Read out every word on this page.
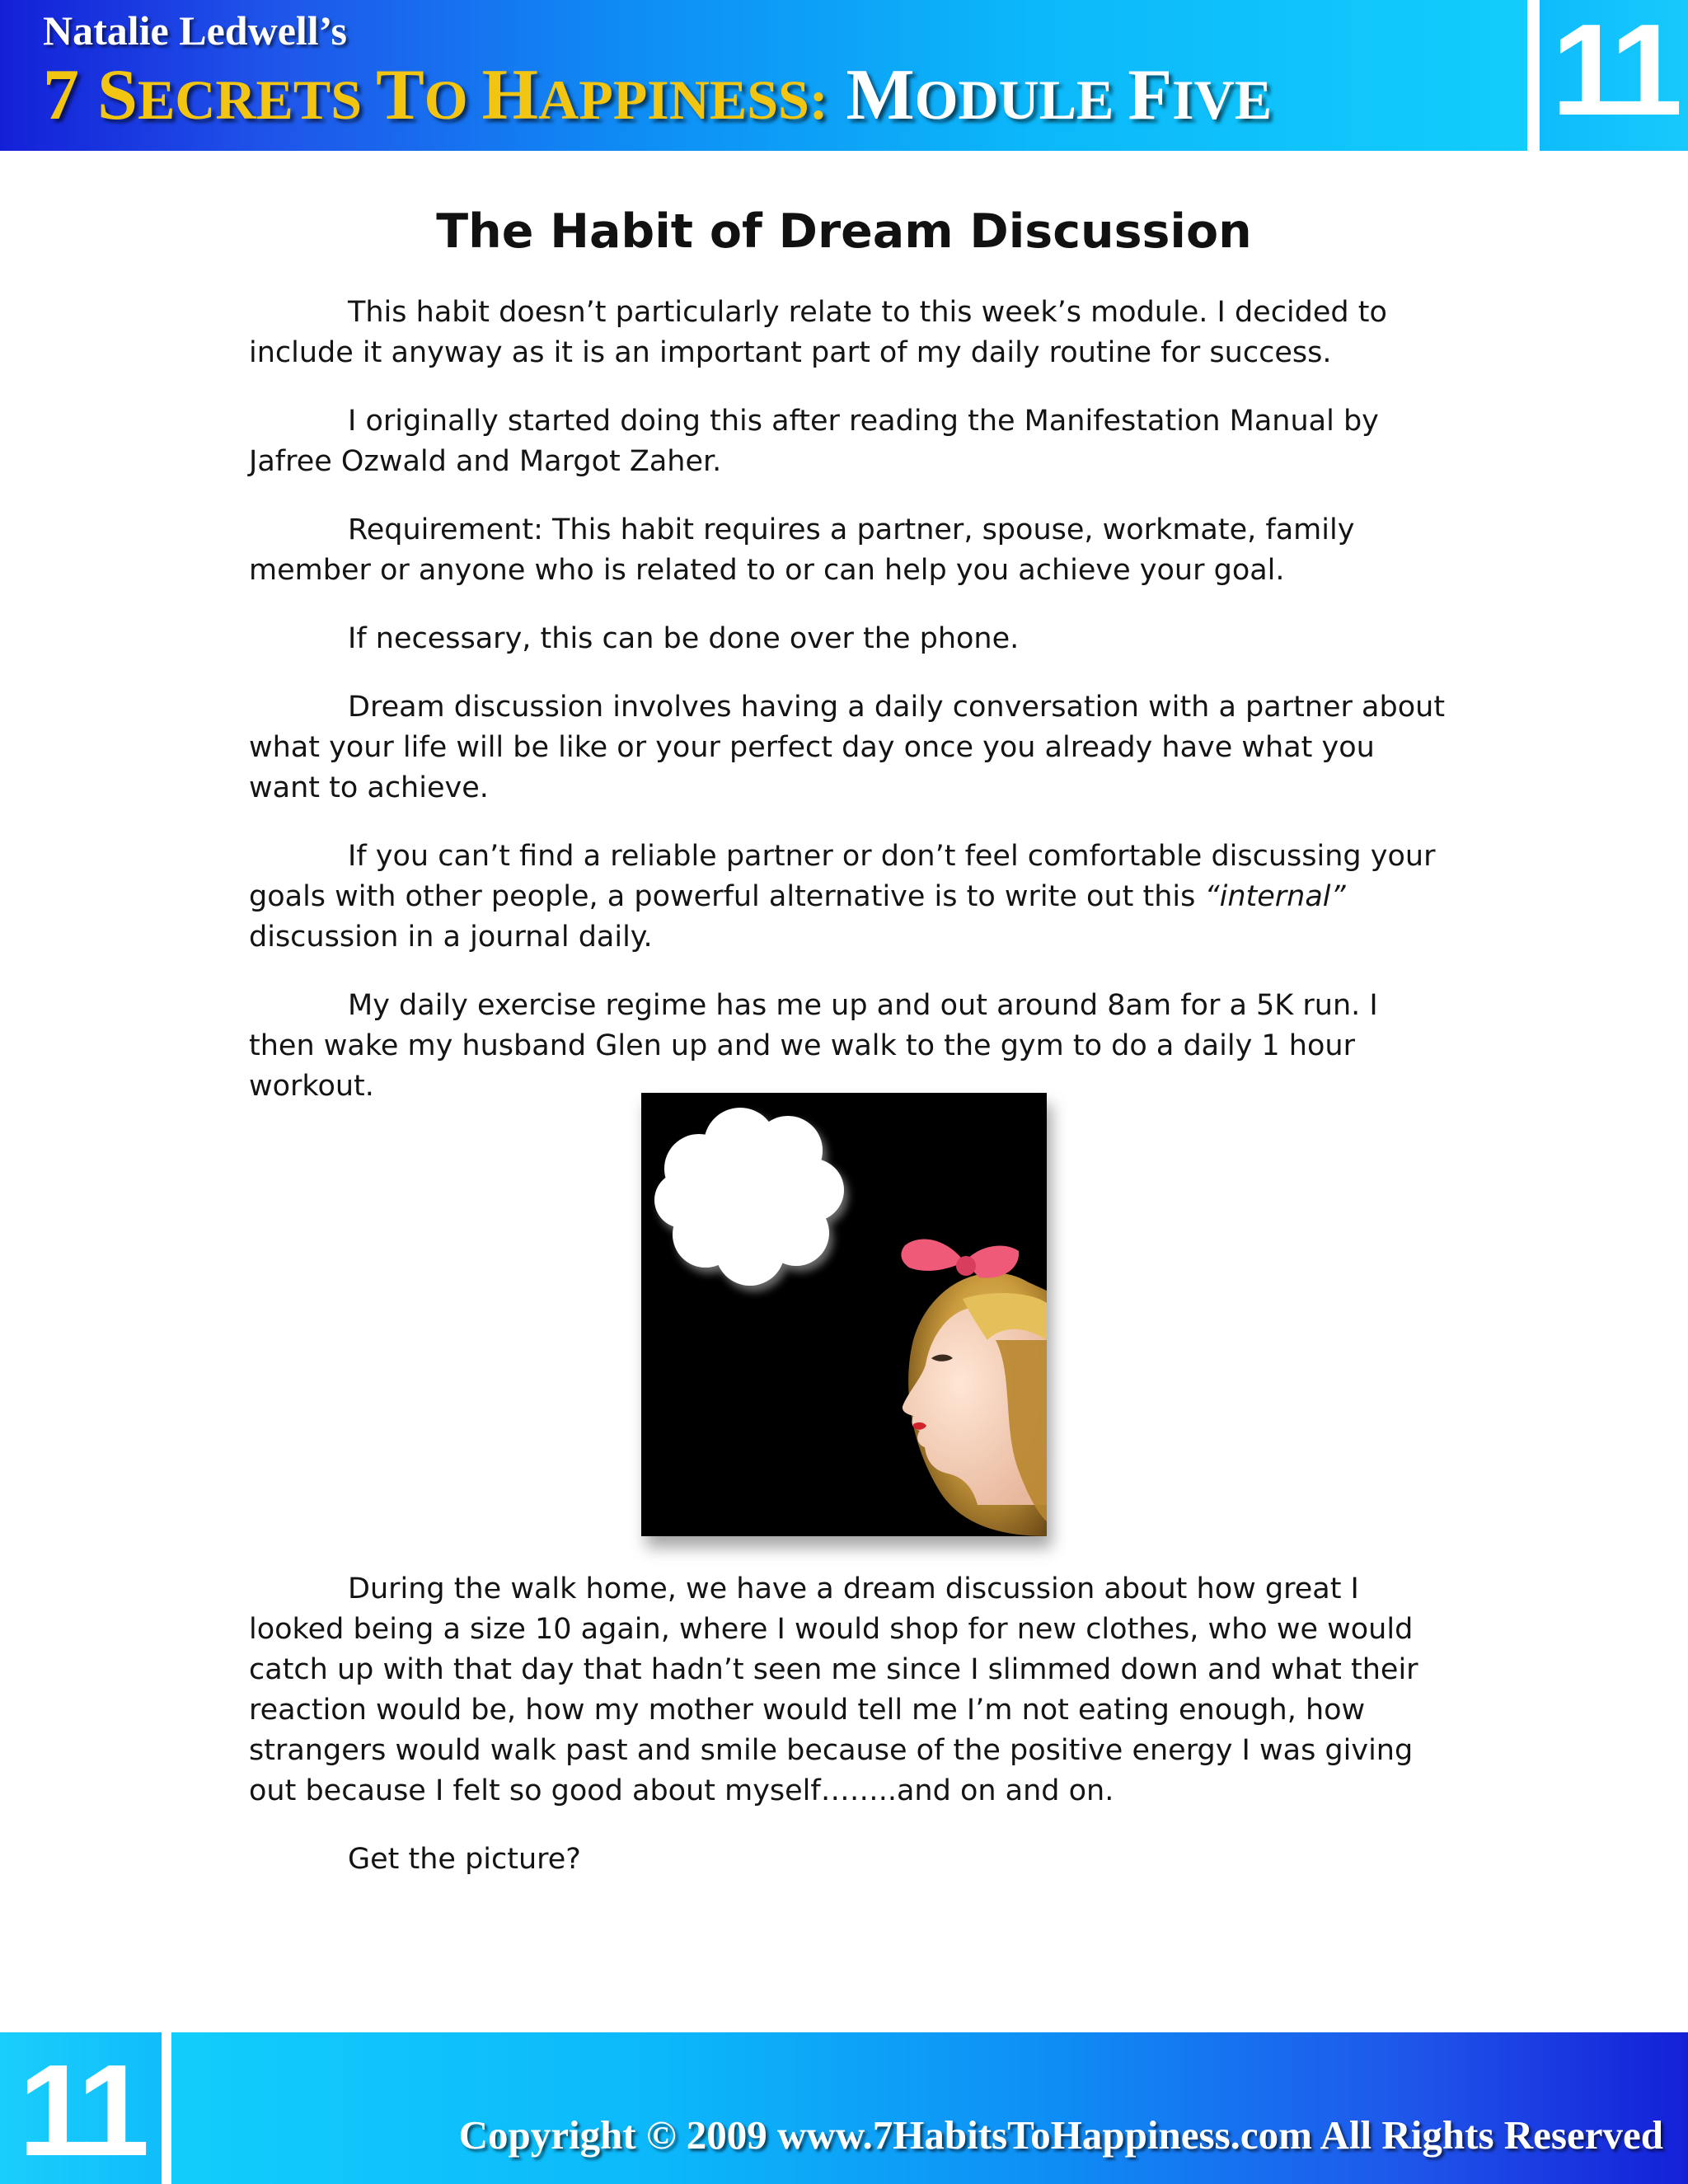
Natalie Ledwell’s
7 SECRETS TO HAPPINESS: MODULE FIVE 11
The Habit of Dream Discussion

This habit doesn’t particularly relate to this week’s module. I decided to include it anyway as it is an important part of my daily routine for success.

I originally started doing this after reading the Manifestation Manual by Jafree Ozwald and Margot Zaher.

Requirement: This habit requires a partner, spouse, workmate, family member or anyone who is related to or can help you achieve your goal.

If necessary, this can be done over the phone.

Dream discussion involves having a daily conversation with a partner about what your life will be like or your perfect day once you already have what you want to achieve.

If you can’t find a reliable partner or don’t feel comfortable discussing your goals with other people, a powerful alternative is to write out this “internal” discussion in a journal daily.

My daily exercise regime has me up and out around 8am for a 5K run. I then wake my husband Glen up and we walk to the gym to do a daily 1 hour workout.

During the walk home, we have a dream discussion about how great I looked being a size 10 again, where I would shop for new clothes, who we would catch up with that day that hadn’t seen me since I slimmed down and what their reaction would be, how my mother would tell me I’m not eating enough, how strangers would walk past and smile because of the positive energy I was giving out because I felt so good about myself……..and on and on.

Get the picture?

11	Copyright © 2009 www.7HabitsToHappiness.com All Rights Reserved
